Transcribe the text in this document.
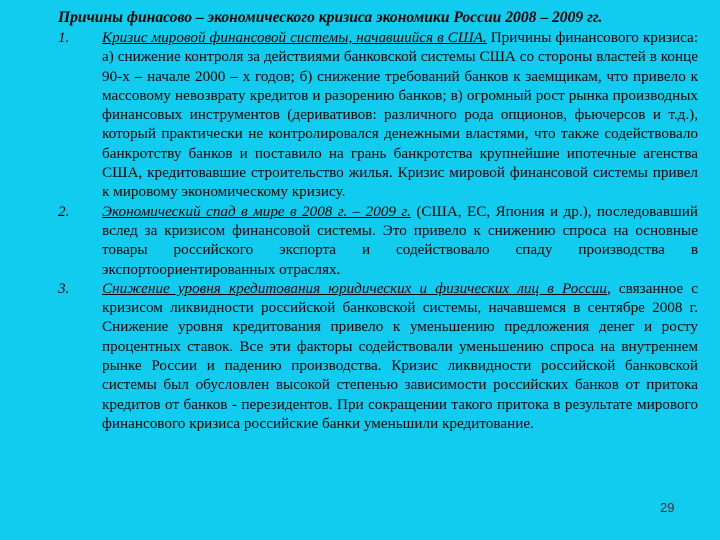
Причины финасово – экономического кризиса экономики России 2008 – 2009 гг.
1.	Кризис мировой финансовой системы, начавшийся в США. Причины финансового кризиса: а) снижение контроля за действиями банковской системы США со стороны властей в конце 90-х – начале 2000 – х годов; б) снижение требований банков к заемщикам, что привело к массовому невозврату кредитов и разорению банков; в) огромный рост рынка производных финансовых инструментов (деривативов: различного рода опционов, фьючерсов и т.д.), который практически не контролировался денежными властями, что также содействовало банкротству банков и поставило на грань банкротства крупнейшие ипотечные агенства США, кредитовавшие строительство жилья. Кризис мировой финансовой системы привел к мировому экономическому кризису.
2.	Экономический спад в мире в 2008 г. – 2009 г. (США, ЕС, Япония и др.), последовавший вслед за кризисом финансовой системы. Это привело к снижению спроса на основные товары российского экспорта и содействовало спаду производства в экспортоориентированных отраслях.
3.	Снижение уровня кредитования юридических и физических лиц в России, связанное с кризисом ликвидности российской банковской системы, начавшемся в сентябре 2008 г. Снижение уровня кредитования привело к уменьшению предложения денег и росту процентных ставок. Все эти факторы содействовали уменьшению спроса на внутреннем рынке России и падению производства. Кризис ликвидности российской банковской системы был обусловлен высокой степенью зависимости российских банков от притока кредитов от банков - перезидентов. При сокращении такого притока в результате мирового финансового кризиса российские банки уменьшили кредитование.
29
